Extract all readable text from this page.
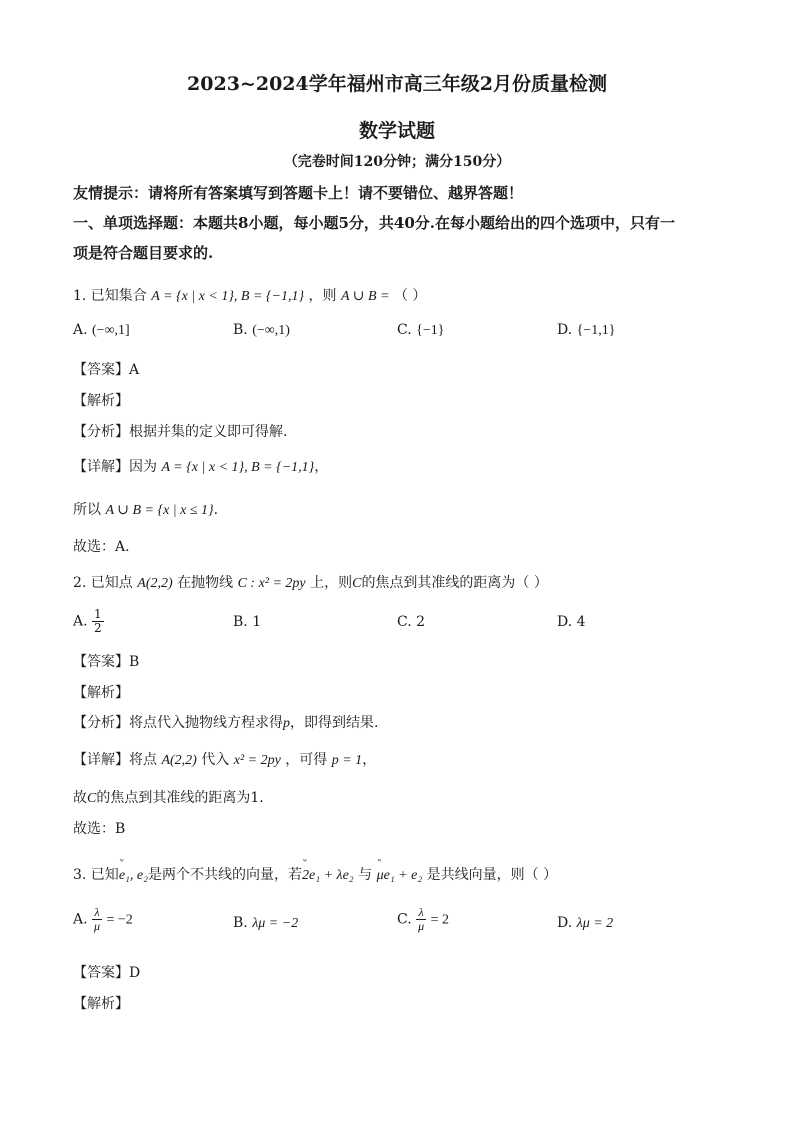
2023~2024学年福州市高三年级2月份质量检测
数学试题
（完卷时间120分钟；满分150分）
友情提示：请将所有答案填写到答题卡上！请不要错位、越界答题！
一、单项选择题：本题共8小题，每小题5分，共40分.在每小题给出的四个选项中，只有一
项是符合题目要求的.
1. 已知集合 A = {x | x < 1}, B = {−1,1} ，则 A ∪ B = （ ）
A. (−∞,1]	B. (−∞,1)	C. {−1}	D. {−1,1}
【答案】A
【解析】
【分析】根据并集的定义即可得解.
【详解】因为 A = {x | x < 1}, B = {−1,1}，
所以 A ∪ B = {x | x ≤ 1}.
故选：A.
2. 已知点 A(2,2) 在抛物线 C : x² = 2py 上，则C的焦点到其准线的距离为（ ）
A. $\frac{1}{2}$	B. 1	C. 2	D. 4
【答案】B
【解析】
【分析】将点代入抛物线方程求得p，即得到结果.
【详解】将点 A(2,2) 代入 x² = 2py ，可得 p = 1，
故C的焦点到其准线的距离为1.
故选：B
3. 已知ʷ e₁, e₂是两个不共线的向量，若ʷ 2e₁ + λe₂ 与 ʷ μe₁ + e₂ 是共线向量，则（ ）
A. $\frac{\lambda}{\mu} = -2$	B. λμ = −2	C. $\frac{\lambda}{\mu} = 2$	D. λμ = 2
【答案】D
【解析】
